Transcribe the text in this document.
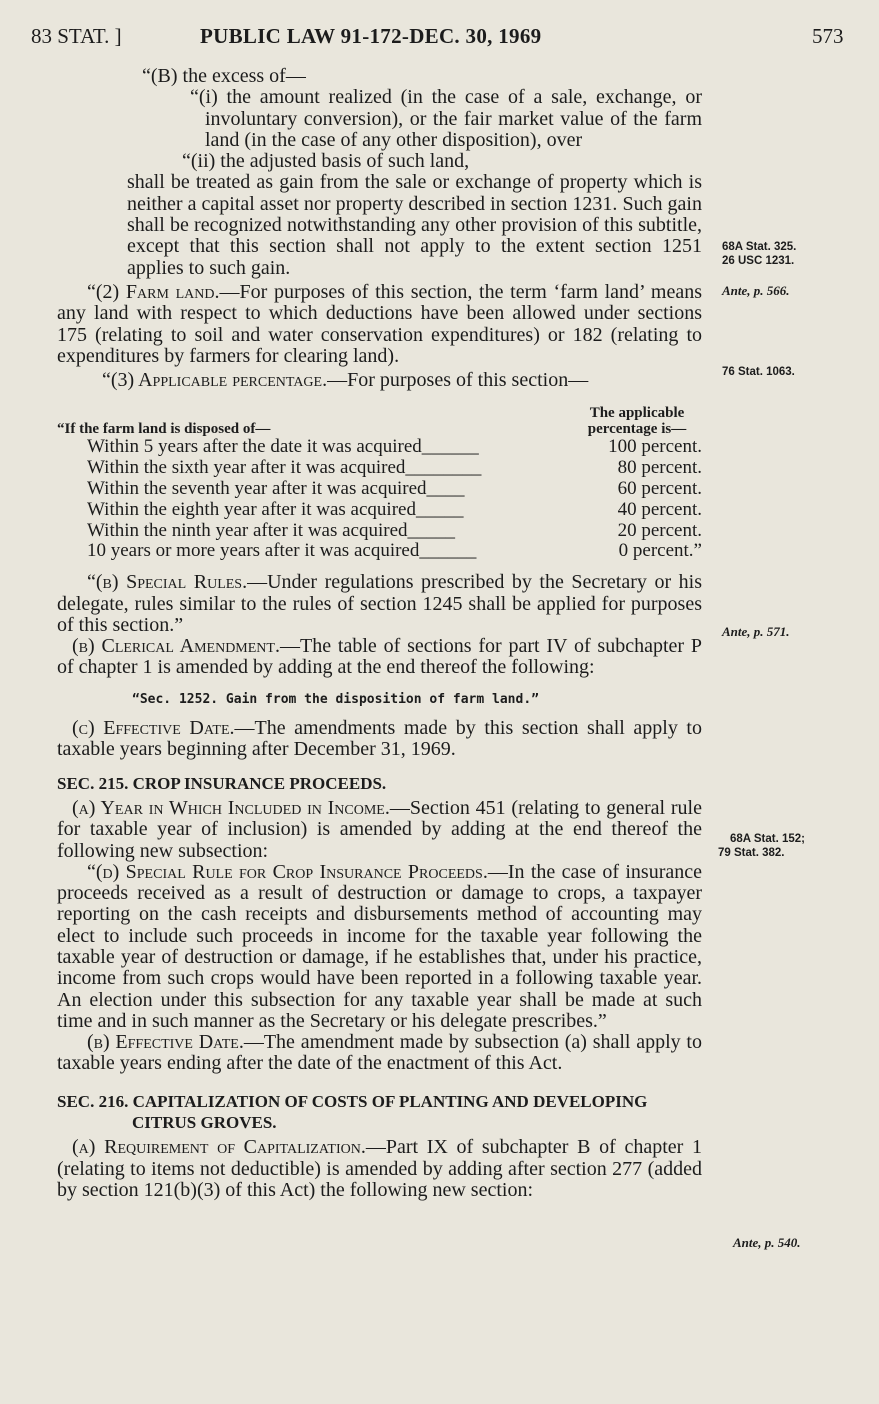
83 STAT. ]	PUBLIC LAW 91-172-DEC. 30, 1969	573

“(B) the excess of—

“(i) the amount realized (in the case of a sale, exchange, or involuntary conversion), or the fair market value of the farm land (in the case of any other disposition), over

“(ii) the adjusted basis of such land,

shall be treated as gain from the sale or exchange of property which is neither a capital asset nor property described in section 1231. Such gain shall be recognized notwithstanding any other provision of this subtitle, except that this section shall not apply to the extent section 1251 applies to such gain.

“(2) Farm land.—For purposes of this section, the term ‘farm land’ means any land with respect to which deductions have been allowed under sections 175 (relating to soil and water conservation expenditures) or 182 (relating to expenditures by farmers for clearing land).

“(3) Applicable percentage.—For purposes of this section—

“If the farm land is disposed of—
The applicable
percentage is—
Within 5 years after the date it was acquired______	100 percent.
Within the sixth year after it was acquired________	80 percent.
Within the seventh year after it was acquired____	60 percent.
Within the eighth year after it was acquired_____	40 percent.
Within the ninth year after it was acquired_____	20 percent.
10 years or more years after it was acquired______	0 percent.”

“(b) Special Rules.—Under regulations prescribed by the Secretary or his delegate, rules similar to the rules of section 1245 shall be applied for purposes of this section.”

(b) Clerical Amendment.—The table of sections for part IV of subchapter P of chapter 1 is amended by adding at the end thereof the following:

“Sec. 1252. Gain from the disposition of farm land.”

(c) Effective Date.—The amendments made by this section shall apply to taxable years beginning after December 31, 1969.

SEC. 215. CROP INSURANCE PROCEEDS.

(a) Year in Which Included in Income.—Section 451 (relating to general rule for taxable year of inclusion) is amended by adding at the end thereof the following new subsection:

“(d) Special Rule for Crop Insurance Proceeds.—In the case of insurance proceeds received as a result of destruction or damage to crops, a taxpayer reporting on the cash receipts and disbursements method of accounting may elect to include such proceeds in income for the taxable year following the taxable year of destruction or damage, if he establishes that, under his practice, income from such crops would have been reported in a following taxable year. An election under this subsection for any taxable year shall be made at such time and in such manner as the Secretary or his delegate prescribes.”

(b) Effective Date.—The amendment made by subsection (a) shall apply to taxable years ending after the date of the enactment of this Act.

SEC. 216. CAPITALIZATION OF COSTS OF PLANTING AND DEVELOPING
CITRUS GROVES.

(a) Requirement of Capitalization.—Part IX of subchapter B of chapter 1 (relating to items not deductible) is amended by adding after section 277 (added by section 121(b)(3) of this Act) the following new section:

68A Stat. 325.
26 USC 1231.
Ante, p. 566.
76 Stat. 1063.
Ante, p. 571.
68A Stat. 152;
79 Stat. 382.
Ante, p. 540.
